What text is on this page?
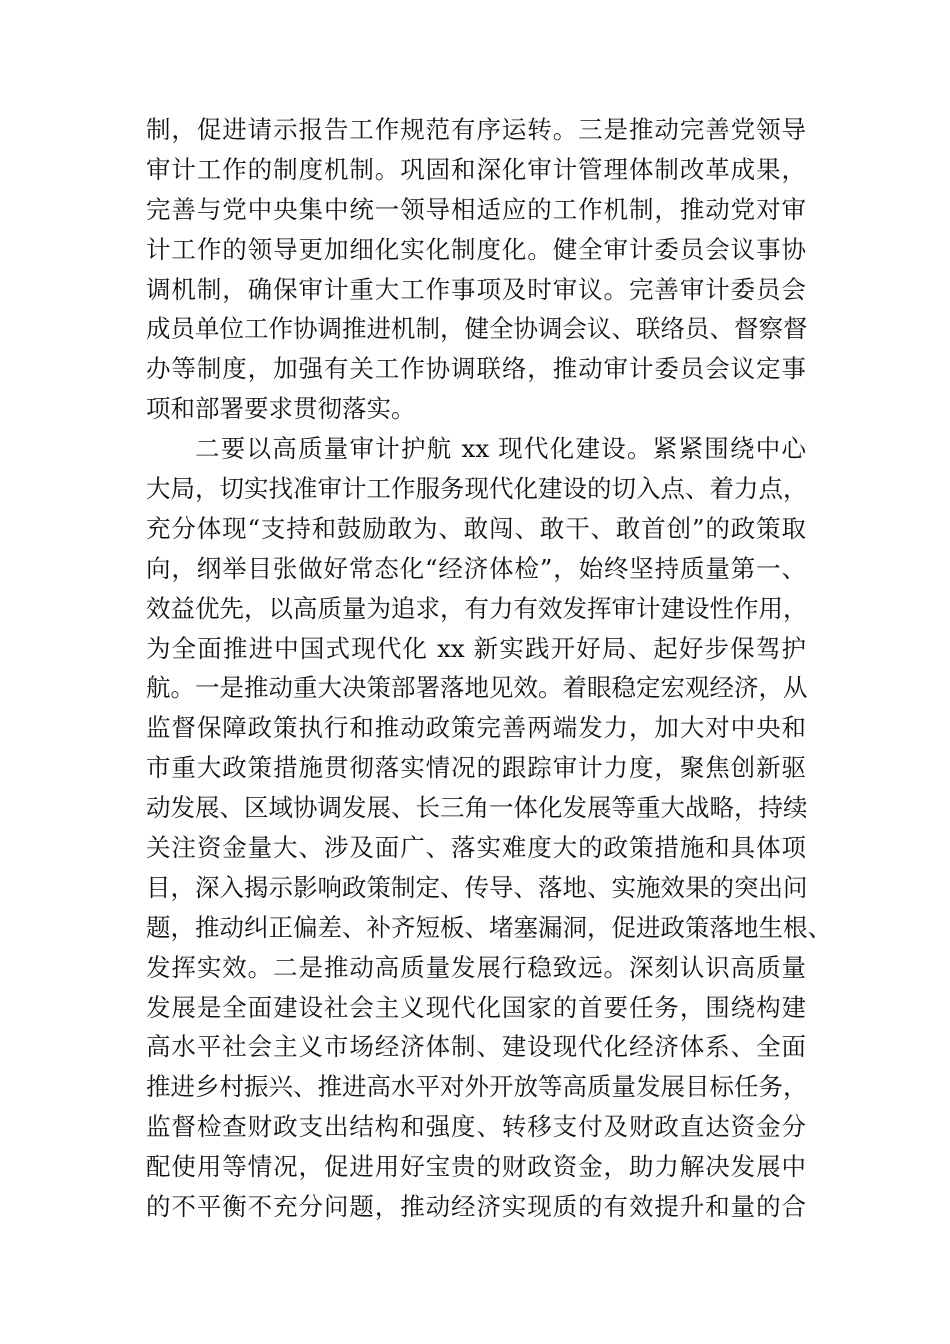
制，促进请示报告工作规范有序运转。三是推动完善党领导
审计工作的制度机制。巩固和深化审计管理体制改革成果，
完善与党中央集中统一领导相适应的工作机制，推动党对审
计工作的领导更加细化实化制度化。健全审计委员会议事协
调机制，确保审计重大工作事项及时审议。完善审计委员会
成员单位工作协调推进机制，健全协调会议、联络员、督察督
办等制度，加强有关工作协调联络，推动审计委员会议定事
项和部署要求贯彻落实。
二要以高质量审计护航 xx 现代化建设。紧紧围绕中心
大局，切实找准审计工作服务现代化建设的切入点、着力点，
充分体现“支持和鼓励敢为、敢闯、敢干、敢首创”的政策取
向，纲举目张做好常态化“经济体检”，始终坚持质量第一、
效益优先，以高质量为追求，有力有效发挥审计建设性作用，
为全面推进中国式现代化 xx 新实践开好局、起好步保驾护
航。一是推动重大决策部署落地见效。着眼稳定宏观经济，从
监督保障政策执行和推动政策完善两端发力，加大对中央和
市重大政策措施贯彻落实情况的跟踪审计力度，聚焦创新驱
动发展、区域协调发展、长三角一体化发展等重大战略，持续
关注资金量大、涉及面广、落实难度大的政策措施和具体项
目，深入揭示影响政策制定、传导、落地、实施效果的突出问
题，推动纠正偏差、补齐短板、堵塞漏洞，促进政策落地生根、
发挥实效。二是推动高质量发展行稳致远。深刻认识高质量
发展是全面建设社会主义现代化国家的首要任务，围绕构建
高水平社会主义市场经济体制、建设现代化经济体系、全面
推进乡村振兴、推进高水平对外开放等高质量发展目标任务，
监督检查财政支出结构和强度、转移支付及财政直达资金分
配使用等情况，促进用好宝贵的财政资金，助力解决发展中
的不平衡不充分问题，推动经济实现质的有效提升和量的合
